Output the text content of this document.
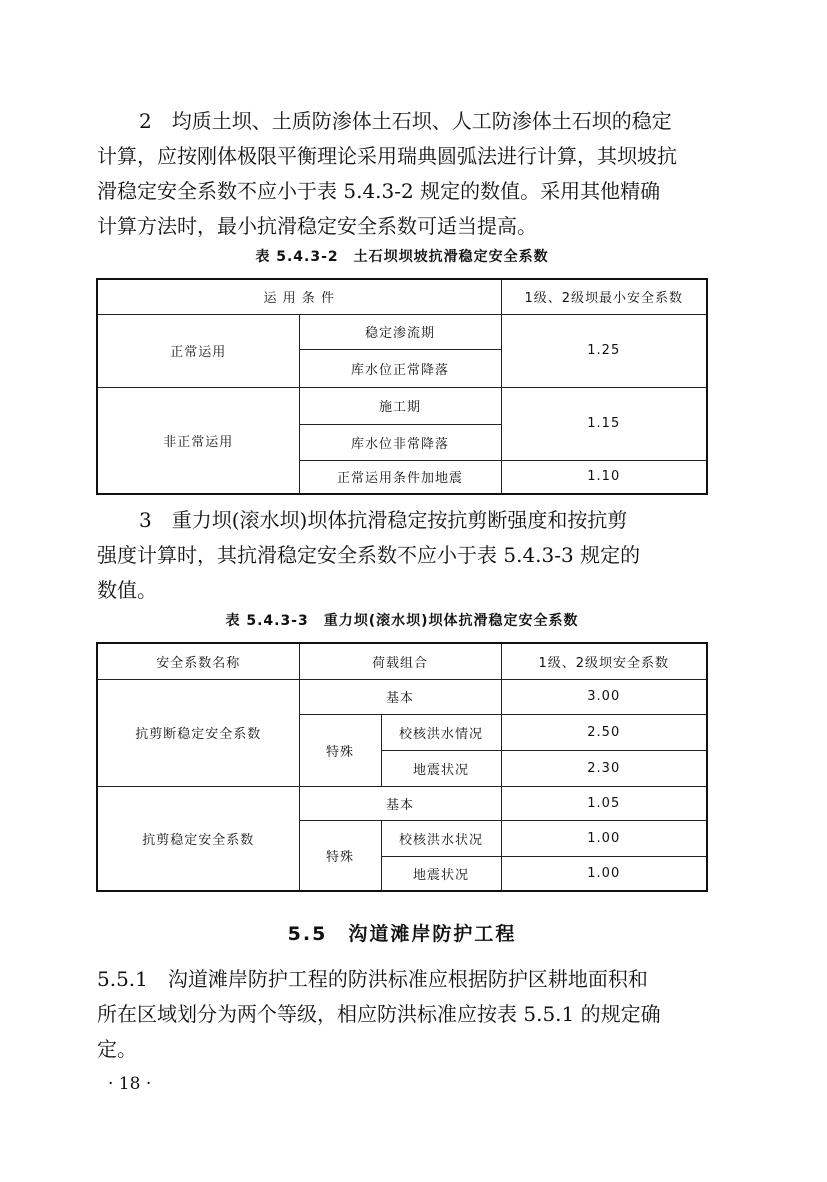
2　均质土坝、土质防渗体土石坝、人工防渗体土石坝的稳定
计算，应按刚体极限平衡理论采用瑞典圆弧法进行计算，其坝坡抗
滑稳定安全系数不应小于表 5.4.3-2 规定的数值。采用其他精确
计算方法时，最小抗滑稳定安全系数可适当提高。
表 5.4.3-2　土石坝坝坡抗滑稳定安全系数
运 用 条 件		1级、2级坝最小安全系数
正常运用	稳定渗流期	1.25
	库水位正常降落	
非正常运用	施工期	1.15
	库水位非常降落	
	正常运用条件加地震	1.10
3　重力坝(滚水坝)坝体抗滑稳定按抗剪断强度和按抗剪
强度计算时，其抗滑稳定安全系数不应小于表 5.4.3-3 规定的
数值。
表 5.4.3-3　重力坝(滚水坝)坝体抗滑稳定安全系数
安全系数名称	荷载组合		1级、2级坝安全系数
抗剪断稳定安全系数	基本		3.00
	特殊	校核洪水情况	2.50
		地震状况	2.30
抗剪稳定安全系数	基本		1.05
	特殊	校核洪水状况	1.00
		地震状况	1.00
5.5　沟道滩岸防护工程
5.5.1　沟道滩岸防护工程的防洪标准应根据防护区耕地面积和
所在区域划分为两个等级，相应防洪标准应按表 5.5.1 的规定确
定。
· 18 ·
